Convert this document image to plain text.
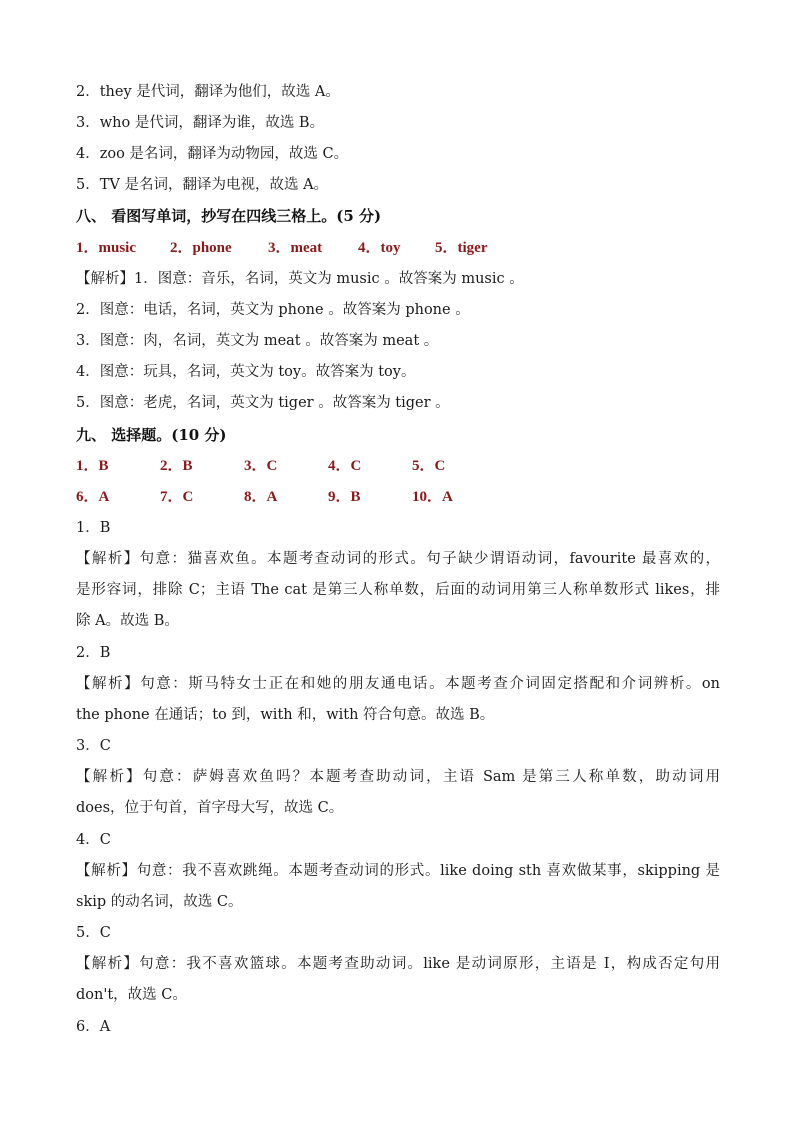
2．they 是代词，翻译为他们，故选 A。
3．who 是代词，翻译为谁，故选 B。
4．zoo 是名词，翻译为动物园，故选 C。
5．TV 是名词，翻译为电视，故选 A。
八、 看图写单词，抄写在四线三格上。(5 分)
1．music 2．phone 3．meat 4．toy 5．tiger
【解析】1．图意：音乐，名词，英文为 music 。故答案为 music 。
2．图意：电话，名词，英文为 phone 。故答案为 phone 。
3．图意：肉，名词，英文为 meat 。故答案为 meat 。
4．图意：玩具，名词，英文为 toy。故答案为 toy。
5．图意：老虎，名词，英文为 tiger 。故答案为 tiger 。
九、 选择题。(10 分)
1．B	2．B	3．C	4．C	5．C
6．A	7．C	8．A	9．B	10．A
1．B
【解析】句意：猫喜欢鱼。本题考查动词的形式。句子缺少谓语动词，favourite 最喜欢的，
是形容词，排除 C；主语 The cat 是第三人称单数，后面的动词用第三人称单数形式 likes，排
除 A。故选 B。
2．B
【解析】句意：斯马特女士正在和她的朋友通电话。本题考查介词固定搭配和介词辨析。on
the phone 在通话；to 到，with 和，with 符合句意。故选 B。
3．C
【解析】句意：萨姆喜欢鱼吗？本题考查助动词，主语 Sam 是第三人称单数，助动词用
does，位于句首，首字母大写，故选 C。
4．C
【解析】句意：我不喜欢跳绳。本题考查动词的形式。like doing sth 喜欢做某事，skipping 是
skip 的动名词，故选 C。
5．C
【解析】句意：我不喜欢篮球。本题考查助动词。like 是动词原形，主语是 I，构成否定句用
don't，故选 C。
6．A
